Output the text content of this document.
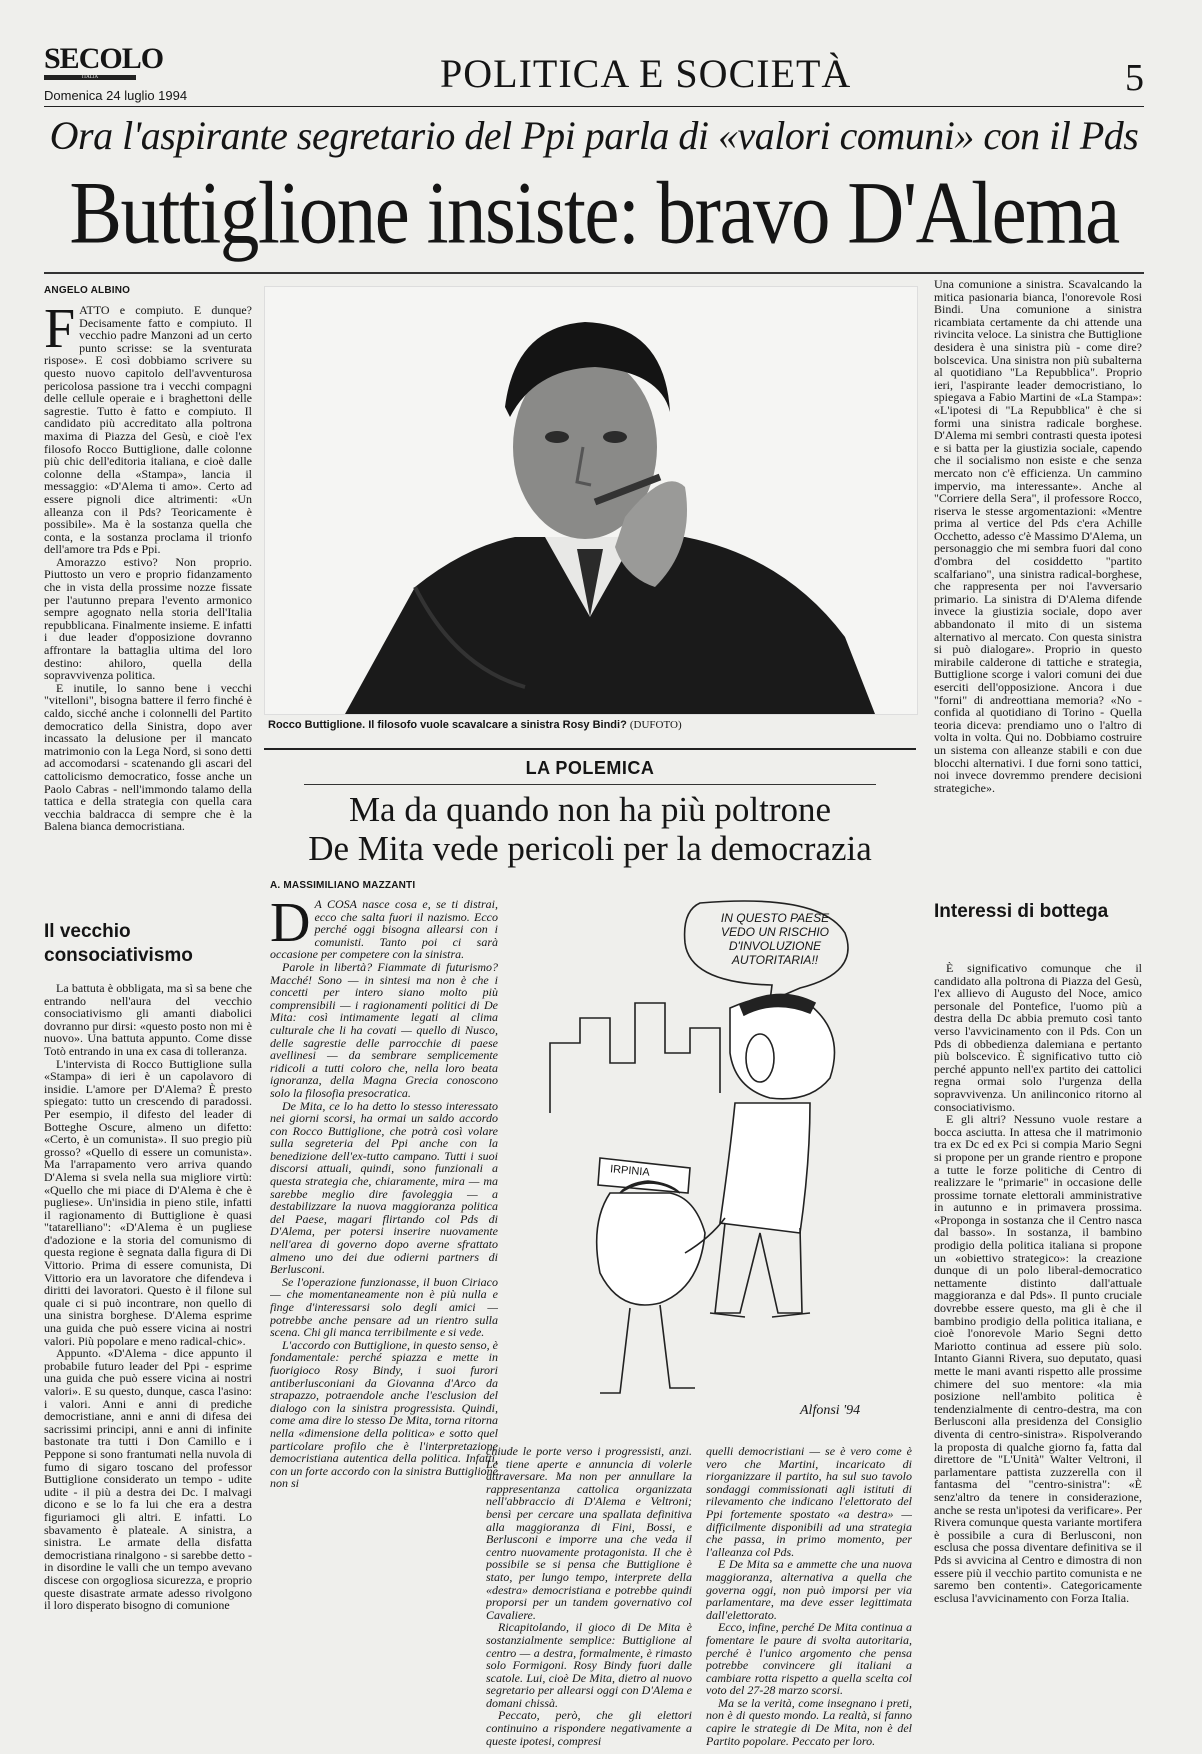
SECOLO
ITALIA
Domenica 24 luglio 1994	POLITICA E SOCIETÀ	5
Ora l'aspirante segretario del Ppi parla di «valori comuni» con il Pds
Buttiglione insiste: bravo D'Alema
ANGELO ALBINO
F ATTO e compiuto. E dunque? Decisamente fatto e compiuto. Il vecchio padre Manzoni ad un certo punto scrisse: se la sventurata rispose». E così dobbiamo scrivere su questo nuovo capitolo dell'avventurosa pericolosa passione tra i vecchi compagni delle cellule operaie e i braghettoni delle sagrestie. Tutto è fatto e compiuto. Il candidato più accreditato alla poltrona maxima di Piazza del Gesù, e cioè l'ex filosofo Rocco Buttiglione, dalle colonne più chic dell'editoria italiana, e cioè dalle colonne della «Stampa», lancia il messaggio: «D'Alema ti amo». Certo ad essere pignoli dice altrimenti: «Un alleanza con il Pds? Teoricamente è possibile». Ma è la sostanza quella che conta, e la sostanza proclama il trionfo dell'amore tra Pds e Ppi.

Amorazzo estivo? Non proprio. Piuttosto un vero e proprio fidanzamento che in vista della prossime nozze fissate per l'autunno prepara l'evento armonico sempre agognato nella storia dell'Italia repubblicana. Finalmente insieme. E infatti i due leader d'opposizione dovranno affrontare la battaglia ultima del loro destino: ahiloro, quella della sopravvivenza politica.

E inutile, lo sanno bene i vecchi "vitelloni", bisogna battere il ferro finché è caldo, sicché anche i colonnelli del Partito democratico della Sinistra, dopo aver incassato la delusione per il mancato matrimonio con la Lega Nord, si sono detti ad accomodarsi - scatenando gli ascari del cattolicismo democratico, fosse anche un Paolo Cabras - nell'immondo talamo della tattica e della strategia con quella cara vecchia baldracca di sempre che è la Balena bianca democristiana.

Il vecchio consociativismo

La battuta è obbligata, ma sì sa bene che entrando nell'aura del vecchio consociativismo gli amanti diabolici dovranno pur dirsi: «questo posto non mi è nuovo». Una battuta appunto. Come disse Totò entrando in una ex casa di tolleranza.

L'intervista di Rocco Buttiglione sulla «Stampa» di ieri è un capolavoro di insidie. L'amore per D'Alema? È presto spiegato: tutto un crescendo di paradossi. Per esempio, il difesto del leader di Botteghe Oscure, almeno un difetto: «Certo, è un comunista». Il suo pregio più grosso? «Quello di essere un comunista». Ma l'arrapamento vero arriva quando D'Alema si svela nella sua migliore virtù: «Quello che mi piace di D'Alema è che è pugliese». Un'insidia in pieno stile, infatti il ragionamento di Buttiglione è quasi "tatarelliano": «D'Alema è un pugliese d'adozione e la storia del comunismo di questa regione è segnata dalla figura di Di Vittorio. Prima di essere comunista, Di Vittorio era un lavoratore che difendeva i diritti dei lavoratori. Questo è il filone sul quale ci si può incontrare, non quello di una sinistra borghese. D'Alema esprime una guida che può essere vicina ai nostri valori. Più popolare e meno radical-chic».

Appunto. «D'Alema - dice appunto il probabile futuro leader del Ppi - esprime una guida che può essere vicina ai nostri valori». E su questo, dunque, casca l'asino: i valori. Anni e anni di prediche democristiane, anni e anni di difesa dei sacrissimi principi, anni e anni di infinite bastonate tra tutti i Don Camillo e i Peppone si sono frantumati nella nuvola di fumo di sigaro toscano del professor Buttiglione considerato un tempo - udite udite - il più a destra dei Dc. I malvagi dicono e se lo fa lui che era a destra figuriamoci gli altri. E infatti. Lo sbavamento è plateale. A sinistra, a sinistra. Le armate della disfatta democristiana rinalgono - si sarebbe detto - in disordine le valli che un tempo avevano discese con orgogliosa sicurezza, e proprio queste disastrate armate adesso rivolgono il loro disperato bisogno di comunione

Rocco Buttiglione. Il filosofo vuole scavalcare a sinistra Rosy Bindi? (DUFOTO)

Una comunione a sinistra. Scavalcando la mitica pasionaria bianca, l'onorevole Rosi Bindi. Una comunione a sinistra ricambiata certamente da chi attende una rivincita veloce. La sinistra che Buttiglione desidera è una sinistra più - come dire? bolscevica. Una sinistra non più subalterna al quotidiano "La Repubblica". Proprio ieri, l'aspirante leader democristiano, lo spiegava a Fabio Martini de «La Stampa»: «L'ipotesi di "La Repubblica" è che si formi una sinistra radicale borghese. D'Alema mi sembri contrasti questa ipotesi e si batta per la giustizia sociale, capendo che il socialismo non esiste e che senza mercato non c'è efficienza. Un cammino impervio, ma interessante». Anche al "Corriere della Sera", il professore Rocco, riserva le stesse argomentazioni: «Mentre prima al vertice del Pds c'era Achille Occhetto, adesso c'è Massimo D'Alema, un personaggio che mi sembra fuori dal cono d'ombra del cosiddetto "partito scalfariano", una sinistra radical-borghese, che rappresenta per noi l'avversario primario. La sinistra di D'Alema difende invece la giustizia sociale, dopo aver abbandonato il mito di un sistema alternativo al mercato. Con questa sinistra si può dialogare». Proprio in questo mirabile calderone di tattiche e strategia, Buttiglione scorge i valori comuni dei due eserciti dell'opposizione. Ancora i due "forni" di andreottiana memoria? «No - confida al quotidiano di Torino - Quella teoria diceva: prendiamo uno o l'altro di volta in volta. Qui no. Dobbiamo costruire un sistema con alleanze stabili e con due blocchi alternativi. I due forni sono tattici, noi invece dovremmo prendere decisioni strategiche».

Interessi di bottega

È significativo comunque che il candidato alla poltrona di Piazza del Gesù, l'ex allievo di Augusto del Noce, amico personale del Pontefice, l'uomo più a destra della Dc abbia premuto così tanto verso l'avvicinamento con il Pds. Con un Pds di obbedienza dalemiana e pertanto più bolscevico. È significativo tutto ciò perché appunto nell'ex partito dei cattolici regna ormai solo l'urgenza della sopravvivenza. Un anilinconico ritorno al consociativismo.

E gli altri? Nessuno vuole restare a bocca asciutta. In attesa che il matrimonio tra ex Dc ed ex Pci si compia Mario Segni si propone per un grande rientro e propone a tutte le forze politiche di Centro di realizzare le "primarie" in occasione delle prossime tornate elettorali amministrative in autunno e in primavera prossima. «Proponga in sostanza che il Centro nasca dal basso». In sostanza, il bambino prodigio della politica italiana si propone un «obiettivo strategico»: la creazione dunque di un polo liberal-democratico nettamente distinto dall'attuale maggioranza e dal Pds». Il punto cruciale dovrebbe essere questo, ma gli è che il bambino prodigio della politica italiana, e cioè l'onorevole Mario Segni detto Mariotto continua ad essere più solo. Intanto Gianni Rivera, suo deputato, quasi mette le mani avanti rispetto alle prossime chimere del suo mentore: «la mia posizione nell'ambito politica è tendenzialmente di centro-destra, ma con Berlusconi alla presidenza del Consiglio diventa di centro-sinistra». Rispolverando la proposta di qualche giorno fa, fatta dal direttore de "L'Unità" Walter Veltroni, il parlamentare pattista zuzzerella con il fantasma del "centro-sinistra": «È senz'altro da tenere in considerazione, anche se resta un'ipotesi da verificare». Per Rivera comunque questa variante mortifera è possibile a cura di Berlusconi, non esclusa che possa diventare definitiva se il Pds si avvicina al Centro e dimostra di non essere più il vecchio partito comunista e ne saremo ben contenti». Categoricamente esclusa l'avvicinamento con Forza Italia.

LA POLEMICA
Ma da quando non ha più poltrone
De Mita vede pericoli per la democrazia
A. MASSIMILIANO MAZZANTI
D A COSA nasce cosa e, se ti distrai, ecco che salta fuori il nazismo. Ecco perché oggi bisogna allearsi con i comunisti. Tanto poi ci sarà occasione per competere con la sinistra.

Parole in libertà? Fiammate di futurismo? Macché! Sono — in sintesi ma non è che i concetti per intero siano molto più comprensibili — i ragionamenti politici di De Mita: così intimamente legati al clima culturale che li ha covati — quello di Nusco, delle sagrestie delle parrocchie di paese avellinesi — da sembrare semplicemente ridicoli a tutti coloro che, nella loro beata ignoranza, della Magna Grecia conoscono solo la filosofia presocratica.

De Mita, ce lo ha detto lo stesso interessato nei giorni scorsi, ha ormai un saldo accordo con Rocco Buttiglione, che potrà così volare sulla segreteria del Ppi anche con la benedizione dell'ex-tutto campano. Tutti i suoi discorsi attuali, quindi, sono funzionali a questa strategia che, chiaramente, mira — ma sarebbe meglio dire favoleggia — a destabilizzare la nuova maggioranza politica del Paese, magari flirtando col Pds di D'Alema, per potersi inserire nuovamente nell'area di governo dopo averne sfrattato almeno uno dei due odierni partners di Berlusconi.

Se l'operazione funzionasse, il buon Ciriaco — che momentaneamente non è più nulla e finge d'interessarsi solo degli amici — potrebbe anche pensare ad un rientro sulla scena. Chi gli manca terribilmente e si vede.

L'accordo con Buttiglione, in questo senso, è fondamentale: perché spiazza e mette in fuorigioco Rosy Bindy, i suoi furori antiberlusconiani da Giovanna d'Arco da strapazzo, potraendole anche l'esclusion del dialogo con la sinistra progressista. Quindi, come ama dire lo stesso De Mita, torna ritorna nella «dimensione della politica» e sotto quel particolare profilo che è l'interpretazione democristiana autentica della politica. Infatti, con un forte accordo con la sinistra Buttiglione non si

IN QUESTO PAESE
VEDO UN RISCHIO
D'INVOLUZIONE
AUTORITARIA!!
IRPINIA
Alfonsi '94

chiude le porte verso i progressisti, anzi. Le tiene aperte e annuncia di volerle attraversare. Ma non per annullare la rappresentanza cattolica organizzata nell'abbraccio di D'Alema e Veltroni; bensì per cercare una spallata definitiva alla maggioranza di Fini, Bossi, e Berlusconi e imporre una che veda il centro nuovamente protagonista. Il che è possibile se si pensa che Buttiglione è stato, per lungo tempo, interprete della «destra» democristiana e potrebbe quindi proporsi per un tandem governativo col Cavaliere.

Ricapitolando, il gioco di De Mita è sostanzialmente semplice: Buttiglione al centro — a destra, formalmente, è rimasto solo Formigoni. Rosy Bindy fuori dalle scatole. Lui, cioè De Mita, dietro al nuovo segretario per allearsi oggi con D'Alema e domani chissà.

Peccato, però, che gli elettori continuino a rispondere negativamente a queste ipotesi, compresi

quelli democristiani — se è vero come è vero che Martini, incaricato di riorganizzare il partito, ha sul suo tavolo sondaggi commissionati agli istituti di rilevamento che indicano l'elettorato del Ppi fortemente spostato «a destra» — difficilmente disponibili ad una strategia che passa, in primo momento, per l'alleanza col Pds.

E De Mita sa e ammette che una nuova maggioranza, alternativa a quella che governa oggi, non può imporsi per via parlamentare, ma deve esser legittimata dall'elettorato.

Ecco, infine, perché De Mita continua a fomentare le paure di svolta autoritaria, perché è l'unico argomento che pensa potrebbe convincere gli italiani a cambiare rotta rispetto a quella scelta col voto del 27-28 marzo scorsi.

Ma se la verità, come insegnano i preti, non è di questo mondo. La realtà, si fanno capire le strategie di De Mita, non è del Partito popolare. Peccato per loro.
